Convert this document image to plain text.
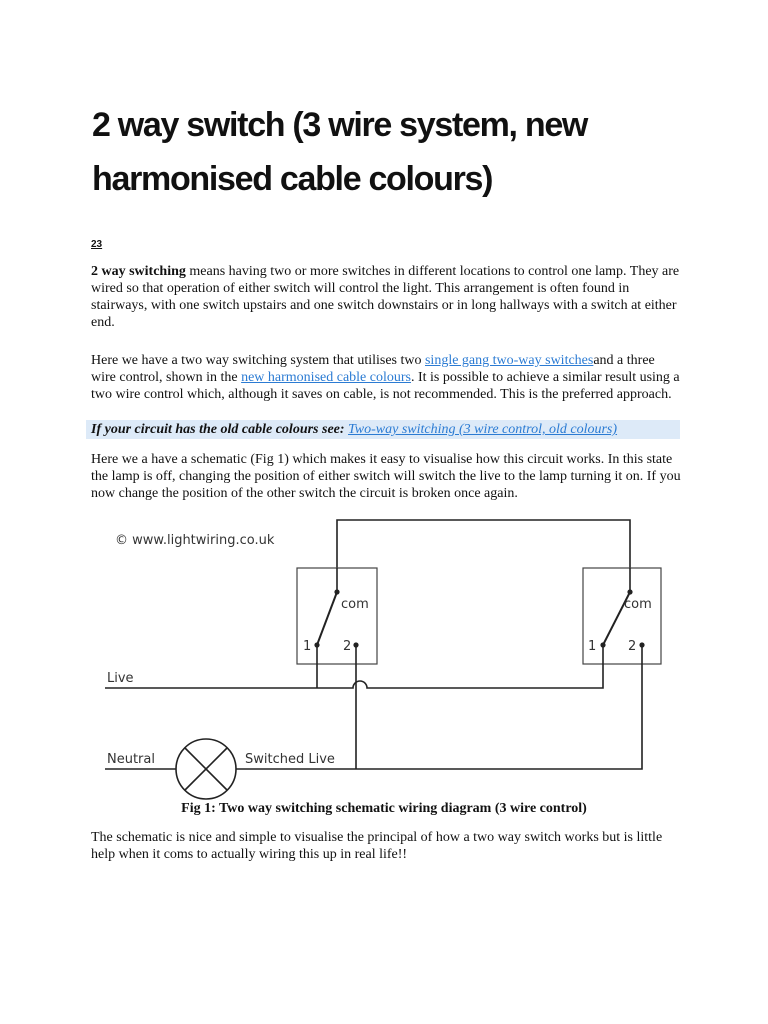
2 way switch (3 wire system, new harmonised cable colours)
23

2 way switching means having two or more switches in different locations to control one lamp. They are wired so that operation of either switch will control the light. This arrangement is often found in stairways, with one switch upstairs and one switch downstairs or in long hallways with a switch at either end.

Here we have a two way switching system that utilises two single gang two-way switchesand a three wire control, shown in the new harmonised cable colours. It is possible to achieve a similar result using a two wire control which, although it saves on cable, is not recommended. This is the preferred approach.

If your circuit has the old cable colours see: Two-way switching (3 wire control, old colours)

Here we a have a schematic (Fig 1) which makes it easy to visualise how this circuit works. In this state the lamp is off, changing the position of either switch will switch the live to the lamp turning it on. If you now change the position of the other switch the circuit is broken once again.

© www.lightwiring.co.uk
com
1 2
com
1 2
Live
Neutral	Switched Live
Fig 1: Two way switching schematic wiring diagram (3 wire control)

The schematic is nice and simple to visualise the principal of how a two way switch works but is little help when it coms to actually wiring this up in real life!!
